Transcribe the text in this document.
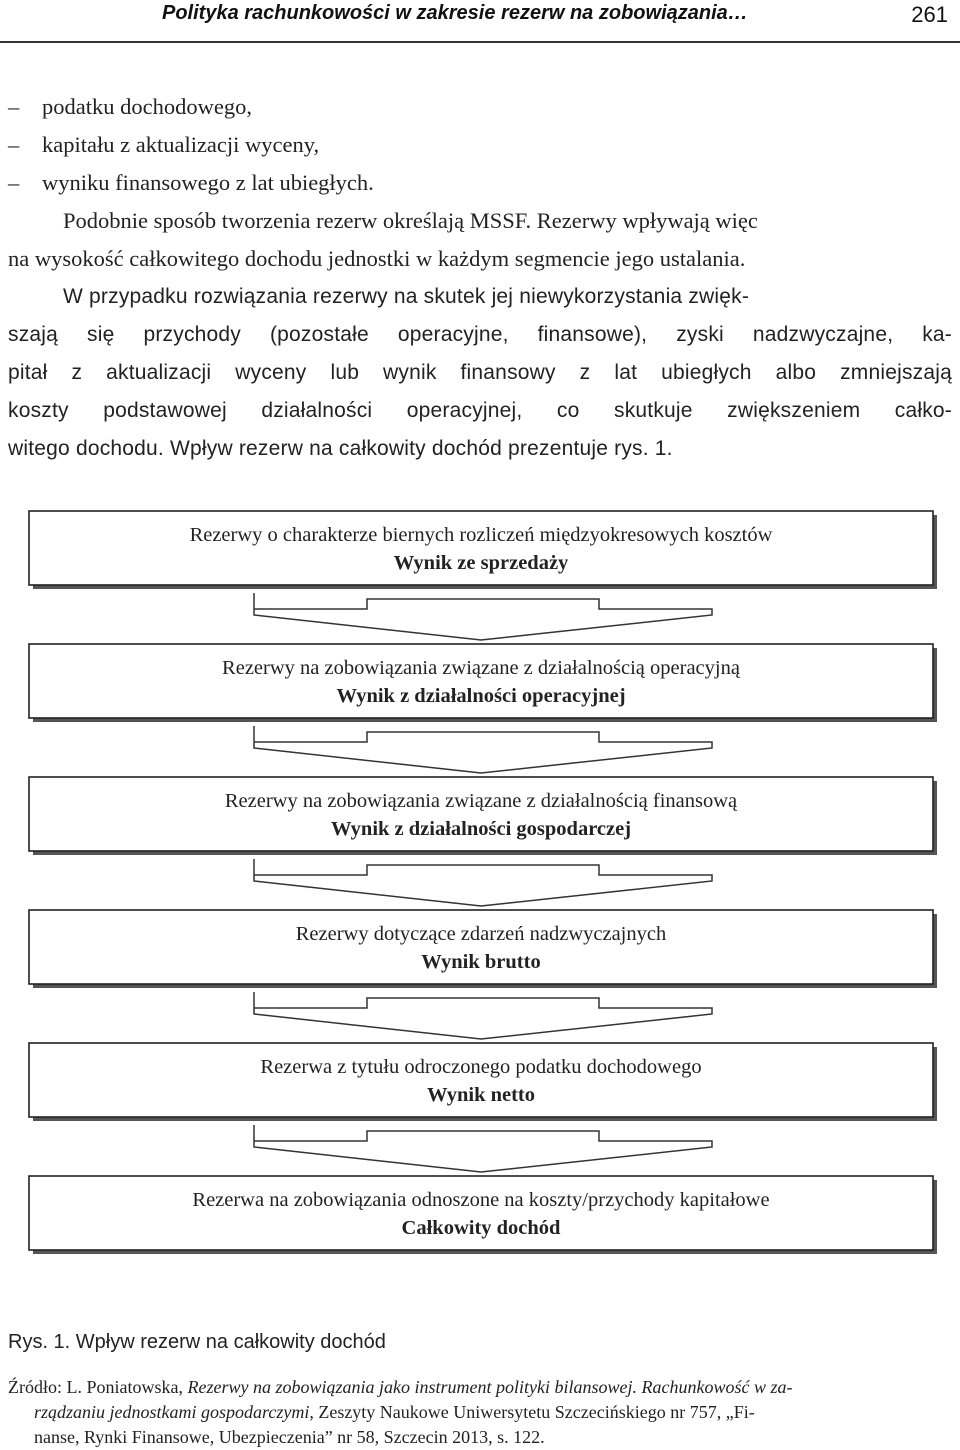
Polityka rachunkowości w zakresie rezerw na zobowiązania…	261
– podatku dochodowego,
– kapitału z aktualizacji wyceny,
– wyniku finansowego z lat ubiegłych.
Podobnie sposób tworzenia rezerw określają MSSF. Rezerwy wpływają więc
na wysokość całkowitego dochodu jednostki w każdym segmencie jego ustalania.
W przypadku rozwiązania rezerwy na skutek jej niewykorzystania zwięk-
szają się przychody (pozostałe operacyjne, finansowe), zyski nadzwyczajne, ka-
pitał z aktualizacji wyceny lub wynik finansowy z lat ubiegłych albo zmniejszają
koszty podstawowej działalności operacyjnej, co skutkuje zwiększeniem całko-
witego dochodu. Wpływ rezerw na całkowity dochód prezentuje rys. 1.
Rezerwy o charakterze biernych rozliczeń międzyokresowych kosztów
Wynik ze sprzedaży
Rezerwy na zobowiązania związane z działalnością operacyjną
Wynik z działalności operacyjnej
Rezerwy na zobowiązania związane z działalnością finansową
Wynik z działalności gospodarczej
Rezerwy dotyczące zdarzeń nadzwyczajnych
Wynik brutto
Rezerwa z tytułu odroczonego podatku dochodowego
Wynik netto
Rezerwa na zobowiązania odnoszone na koszty/przychody kapitałowe
Całkowity dochód
Rys. 1. Wpływ rezerw na całkowity dochód
Źródło: L. Poniatowska, Rezerwy na zobowiązania jako instrument polityki bilansowej. Rachunkowość w za-
rządzaniu jednostkami gospodarczymi, Zeszyty Naukowe Uniwersytetu Szczecińskiego nr 757, „Fi-
nanse, Rynki Finansowe, Ubezpieczenia” nr 58, Szczecin 2013, s. 122.
